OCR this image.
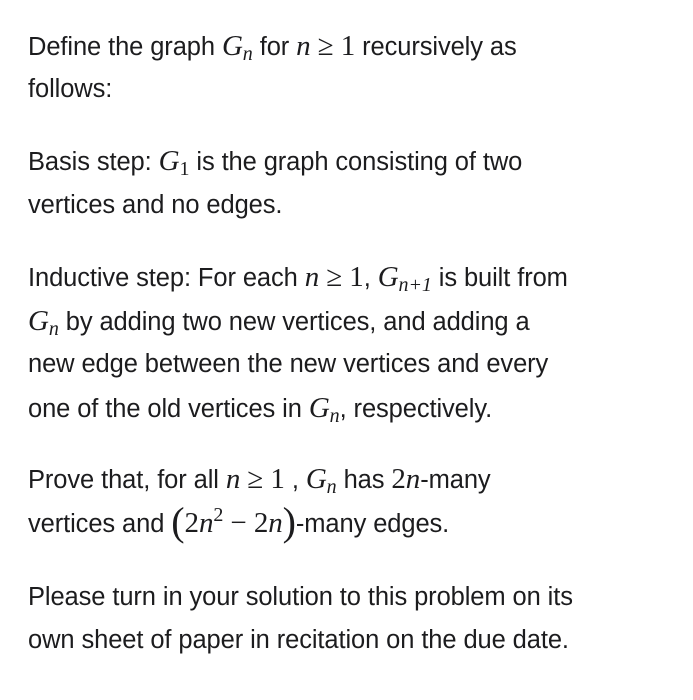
Define the graph $G_n$ for n ≥ 1 recursively as
follows:
Basis step: $G_1$ is the graph consisting of two
vertices and no edges.
Inductive step: For each n ≥ 1, $G_{n+1}$ is built from
$G_n$ by adding two new vertices, and adding a
new edge between the new vertices and every
one of the old vertices in $G_n$, respectively.
Prove that, for all n ≥ 1 , $G_n$ has 2n-many
vertices and ($2n^2$ − 2n)-many edges.
Please turn in your solution to this problem on its
own sheet of paper in recitation on the due date.
